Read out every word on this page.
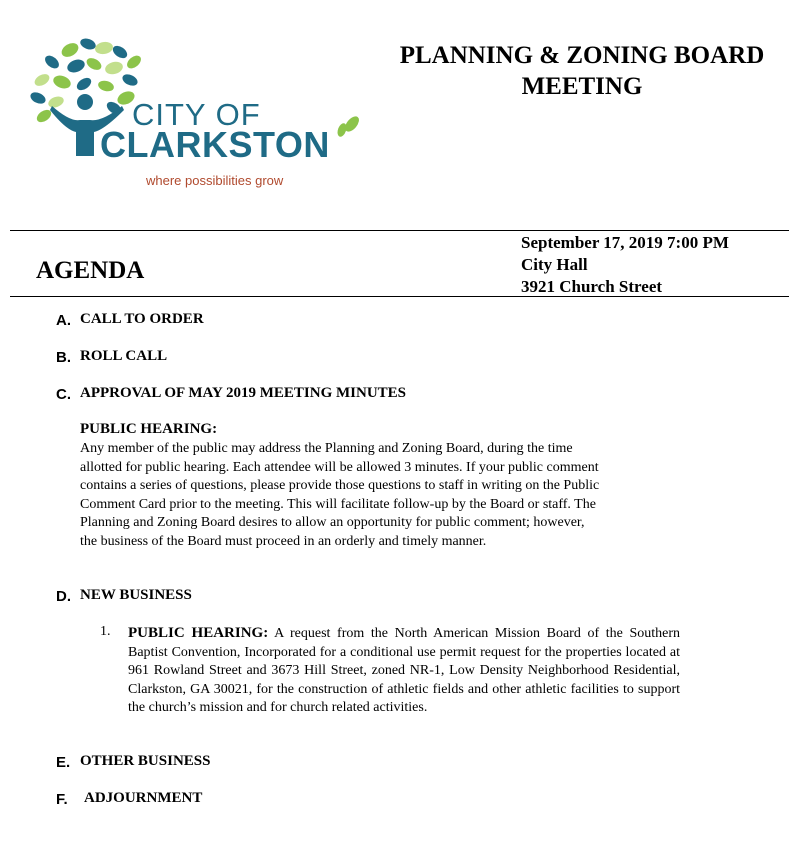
CITY OF
CLARKSTON
where possibilities grow
PLANNING & ZONING BOARD
MEETING
AGENDA
September 17, 2019 7:00 PM
City Hall
3921 Church Street
A. CALL TO ORDER
B. ROLL CALL
C. APPROVAL OF MAY 2019 MEETING MINUTES
PUBLIC HEARING:
Any member of the public may address the Planning and Zoning Board, during the time
allotted for public hearing. Each attendee will be allowed 3 minutes. If your public comment
contains a series of questions, please provide those questions to staff in writing on the Public
Comment Card prior to the meeting. This will facilitate follow-up by the Board or staff. The
Planning and Zoning Board desires to allow an opportunity for public comment; however,
the business of the Board must proceed in an orderly and timely manner.
D. NEW BUSINESS
1. PUBLIC HEARING: A request from the North American Mission Board of the Southern Baptist Convention, Incorporated for a conditional use permit request for the properties located at 961 Rowland Street and 3673 Hill Street, zoned NR-1, Low Density Neighborhood Residential, Clarkston, GA 30021, for the construction of athletic fields and other athletic facilities to support the church’s mission and for church related activities.
E. OTHER BUSINESS
F. ADJOURNMENT
